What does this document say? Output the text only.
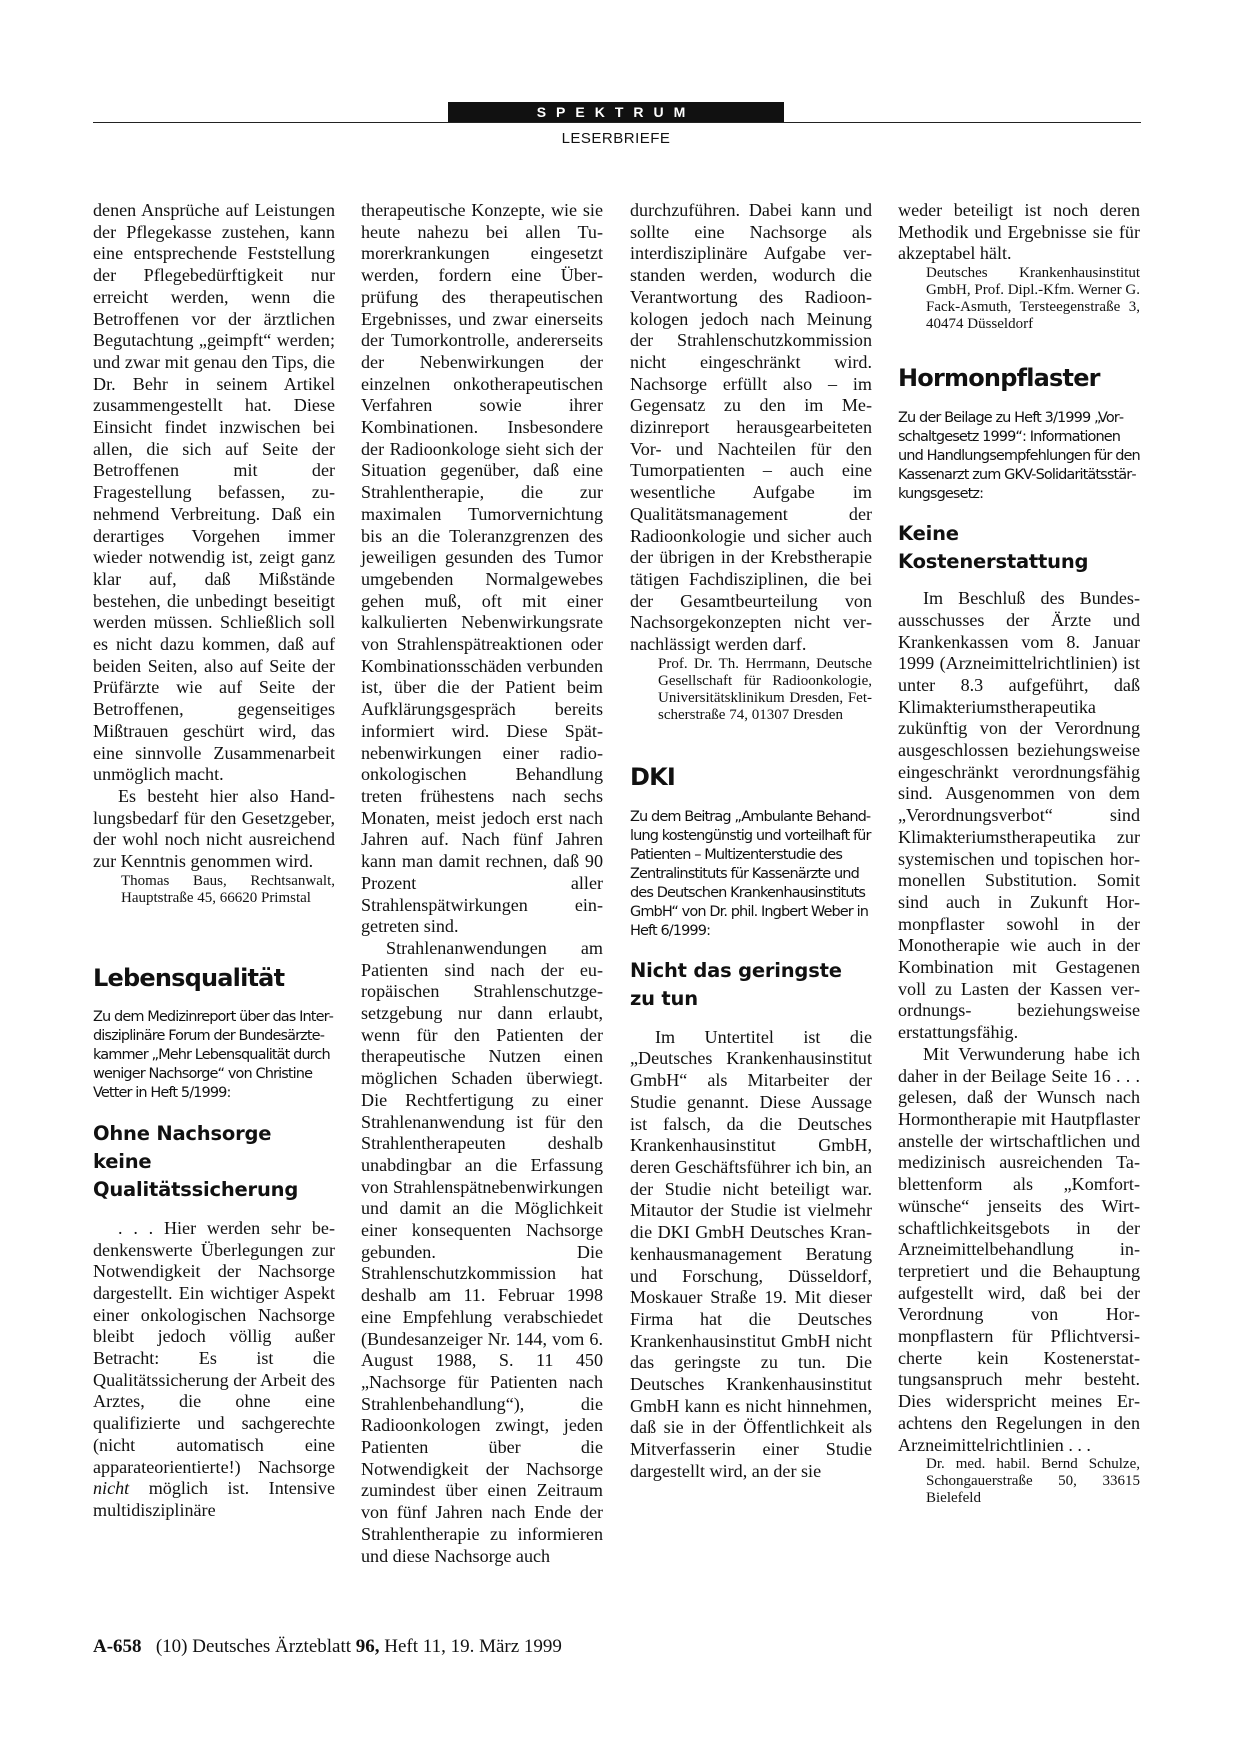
SPEKTRUM
LESERBRIEFE

denen Ansprüche auf Leistungen der Pflegekasse zustehen, kann eine entsprechende Feststellung der Pflegebedürftigkeit nur erreicht werden, wenn die Betroffenen vor der ärztlichen Begutachtung „geimpft“ werden; und zwar mit genau den Tips, die Dr. Behr in seinem Artikel zusammengestellt hat. Diese Einsicht findet inzwischen bei allen, die sich auf Seite der Betroffenen mit der Fragestellung befassen, zunehmend Verbreitung. Daß ein derartiges Vorgehen immer wieder notwendig ist, zeigt ganz klar auf, daß Mißstände bestehen, die unbedingt beseitigt werden müssen. Schließlich soll es nicht dazu kommen, daß auf beiden Seiten, also auf Seite der Prüfärzte wie auf Seite der Betroffenen, gegenseitiges Mißtrauen geschürt wird, das eine sinnvolle Zusammenarbeit unmöglich macht.

Es besteht hier also Handlungsbedarf für den Gesetzgeber, der wohl noch nicht ausreichend zur Kenntnis genommen wird.

Thomas Baus, Rechtsanwalt, Hauptstraße 45, 66620 Primstal

Lebensqualität

Zu dem Medizinreport über das Interdisziplinäre Forum der Bundesärztekammer „Mehr Lebensqualität durch weniger Nachsorge“ von Christine Vetter in Heft 5/1999:

Ohne Nachsorge keine Qualitätssicherung

. . . Hier werden sehr bedenkenswerte Überlegungen zur Notwendigkeit der Nachsorge dargestellt. Ein wichtiger Aspekt einer onkologischen Nachsorge bleibt jedoch völlig außer Betracht: Es ist die Qualitätssicherung der Arbeit des Arztes, die ohne eine qualifizierte und sachgerechte (nicht automatisch eine apparateorientierte!) Nachsorge nicht möglich ist. Intensive multidisziplinäre

therapeutische Konzepte, wie sie heute nahezu bei allen Tumorerkrankungen eingesetzt werden, fordern eine Überprüfung des therapeutischen Ergebnisses, und zwar einerseits der Tumorkontrolle, andererseits der Nebenwirkungen der einzelnen onkotherapeutischen Verfahren sowie ihrer Kombinationen. Insbesondere der Radioonkologe sieht sich der Situation gegenüber, daß eine Strahlentherapie, die zur maximalen Tumorvernichtung bis an die Toleranzgrenzen des jeweiligen gesunden des Tumor umgebenden Normalgewebes gehen muß, oft mit einer kalkulierten Nebenwirkungsrate von Strahlenspätreaktionen oder Kombinationsschäden verbunden ist, über die der Patient beim Aufklärungsgespräch bereits informiert wird. Diese Spätnebenwirkungen einer radioonkologischen Behandlung treten frühestens nach sechs Monaten, meist jedoch erst nach Jahren auf. Nach fünf Jahren kann man damit rechnen, daß 90 Prozent aller Strahlenspätwirkungen eingetreten sind.

Strahlenanwendungen am Patienten sind nach der europäischen Strahlenschutzgesetzgebung nur dann erlaubt, wenn für den Patienten der therapeutische Nutzen einen möglichen Schaden überwiegt. Die Rechtfertigung zu einer Strahlenanwendung ist für den Strahlentherapeuten deshalb unabdingbar an die Erfassung von Strahlenspätnebenwirkungen und damit an die Möglichkeit einer konsequenten Nachsorge gebunden. Die Strahlenschutzkommission hat deshalb am 11. Februar 1998 eine Empfehlung verabschiedet (Bundesanzeiger Nr. 144, vom 6. August 1988, S. 11 450 „Nachsorge für Patienten nach Strahlenbehandlung“), die Radioonkologen zwingt, jeden Patienten über die Notwendigkeit der Nachsorge zumindest über einen Zeitraum von fünf Jahren nach Ende der Strahlentherapie zu informieren und diese Nachsorge auch

durchzuführen. Dabei kann und sollte eine Nachsorge als interdisziplinäre Aufgabe verstanden werden, wodurch die Verantwortung des Radioonkologen jedoch nach Meinung der Strahlenschutzkommission nicht eingeschränkt wird. Nachsorge erfüllt also – im Gegensatz zu den im Medizinreport herausgearbeiteten Vor- und Nachteilen für den Tumorpatienten – auch eine wesentliche Aufgabe im Qualitätsmanagement der Radioonkologie und sicher auch der übrigen in der Krebstherapie tätigen Fachdisziplinen, die bei der Gesamtbeurteilung von Nachsorgekonzepten nicht vernachlässigt werden darf.

Prof. Dr. Th. Herrmann, Deutsche Gesellschaft für Radioonkologie, Universitätsklinikum Dresden, Fetscherstraße 74, 01307 Dresden

DKI

Zu dem Beitrag „Ambulante Behandlung kostengünstig und vorteilhaft für Patienten – Multizenterstudie des Zentralinstituts für Kassenärzte und des Deutschen Krankenhausinstituts GmbH“ von Dr. phil. Ingbert Weber in Heft 6/1999:

Nicht das geringste zu tun

Im Untertitel ist die „Deutsches Krankenhausinstitut GmbH“ als Mitarbeiter der Studie genannt. Diese Aussage ist falsch, da die Deutsches Krankenhausinstitut GmbH, deren Geschäftsführer ich bin, an der Studie nicht beteiligt war. Mitautor der Studie ist vielmehr die DKI GmbH Deutsches Krankenhausmanagement Beratung und Forschung, Düsseldorf, Moskauer Straße 19. Mit dieser Firma hat die Deutsches Krankenhausinstitut GmbH nicht das geringste zu tun. Die Deutsches Krankenhausinstitut GmbH kann es nicht hinnehmen, daß sie in der Öffentlichkeit als Mitverfasserin einer Studie dargestellt wird, an der sie

weder beteiligt ist noch deren Methodik und Ergebnisse sie für akzeptabel hält.

Deutsches Krankenhausinstitut GmbH, Prof. Dipl.-Kfm. Werner G. Fack-Asmuth, Tersteegenstraße 3, 40474 Düsseldorf

Hormonpflaster

Zu der Beilage zu Heft 3/1999 „Vorschaltgesetz 1999“: Informationen und Handlungsempfehlungen für den Kassenarzt zum GKV-Solidaritätsstärkungsgesetz:

Keine Kostenerstattung

Im Beschluß des Bundesausschusses der Ärzte und Krankenkassen vom 8. Januar 1999 (Arzneimittelrichtlinien) ist unter 8.3 aufgeführt, daß Klimakteriumstherapeutika zukünftig von der Verordnung ausgeschlossen beziehungsweise eingeschränkt verordnungsfähig sind. Ausgenommen von dem „Verordnungsverbot“ sind Klimakteriumstherapeutika zur systemischen und topischen hormonellen Substitution. Somit sind auch in Zukunft Hormonpflaster sowohl in der Monotherapie wie auch in der Kombination mit Gestagenen voll zu Lasten der Kassen verordnungs- beziehungsweise erstattungsfähig.

Mit Verwunderung habe ich daher in der Beilage Seite 16 . . . gelesen, daß der Wunsch nach Hormontherapie mit Hautpflaster anstelle der wirtschaftlichen und medizinisch ausreichenden Tablettenform als „Komfortwünsche“ jenseits des Wirtschaftlichkeitsgebots in der Arzneimittelbehandlung interpretiert und die Behauptung aufgestellt wird, daß bei der Verordnung von Hormonpflastern für Pflichtversicherte kein Kostenerstattungsanspruch mehr besteht. Dies widerspricht meines Erachtens den Regelungen in den Arzneimittelrichtlinien . . .

Dr. med. habil. Bernd Schulze, Schongauerstraße 50, 33615 Bielefeld

A-658 (10) Deutsches Ärzteblatt 96, Heft 11, 19. März 1999
